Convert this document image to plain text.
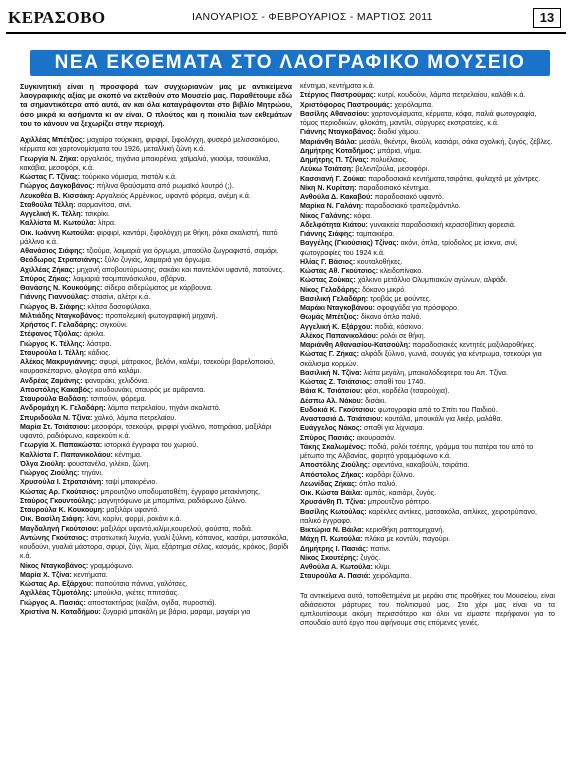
ΚΕΡΑΣΟΒΟ	ΙΑΝΟΥΑΡΙΟΣ - ΦΕΒΡΟΥΑΡΙΟΣ - ΜΑΡΤΙΟΣ 2011	13
ΝΕΑ ΕΚΘΕΜΑΤΑ ΣΤΟ ΛΑΟΓΡΑΦΙΚΟ ΜΟΥΣΕΙΟ
Συγκινητική είναι η προσφορά των συγχωριανών μας με αντικείμενα λαογραφικής αξίας με σκοπό να εκτεθούν στο Μουσείο μας. Παραθέτουμε εδώ τα σημαντικότερα από αυτά, αν και όλα καταγράφονται στο βιβλίο Μητρώου, όσο μικρά κι ασήμαντα κι αν είναι. Ο πλούτος και η ποικιλία των εκθεμάτων του το κάνουν να ξεχωρίζει στην περιοχή.

Αχιλλέας Μπέτζιος: μαχαίρα τούρκικη, φιρφιρί, ξιφολόγχη, φυσερό μελισσοκόμου, κέρματα και χαρτονομίσματα του 1926, μεταλλική ζώνη κ.ά.

Γεωργία Ν. Ζήκα: αργαλειός, τηγάνια μπακιρένια, χαϊμαλιά, γκιούμι, τσουκάλια, κακάβια, μεσοφόρι, κ.ά.

Κώστας Γ. Τζίνας: τούρκικο νόμισμα, πιστόλι κ.ά.

Γιώργος Δαγκοβάνος: πήλινα θραύσματα από ρωμαϊκό λουτρό (;).

Λευκοθέα Β. Κισσάκη: Αργαλειός Αρμένικος, υφαντό φόρεμα, ανέμη κ.ά.

Σταθούλα Τέλλη: σαρμανίτσα, σινί.

Αγγελική Κ. Τέλλη: τσικρίκι.

Καλλίστα Μ. Κωτούλα: λίτρα.

Οικ. Ιωάννη Κωτούλα: φιρφιρί, καντάρι, ξιφολόγχη με θήκη, ρόκα σκαλιστή, πατό μάλλινο κ.ά.

Αθανάσιος Σιάφης: τζιούμα, λαιμαριά για όργωμα, μπαούλο ζωγραφιστό, σαμάρι.

Θεόδωρος Στρατσιάνης: ξύλο ζυγιάς, λαιμαριά για όργωμα.

Αχιλλέας Ζήκας: μηχανή αποβουτύρωσης, σακάκι και παντελόνι υφαντό, πατούνες.

Σπύρος Ζήκας: λαιμαριά τσομπανόσκυλου, σβάρνα.

Θανάσης Ν. Κουκούμης: σίδερο σιδερώματος με κάρβουνα.

Γιάννης Γιαννούλας: στασίνι, αλέτρι κ.ά.

Γιώργος Β. Σιάφης: κλίτσα δασοφύλακα.

Μιλτιάδης Νταγκοβάνος: προπολεμική φωτογραφική μηχανή.

Χρήστος Γ. Γελαδάρης: σιγκούνι.

Στέφανος Τζιόλας: άρκλα.

Γιώργος Κ. Τέλλης: λάστρα.

Σταυρούλα Ι. Τέλλη: κάδιος.

Αλέκος Μακρυγιάννης: σφυρί, μάτρακος, βελόνι, καλέμι, τσεκούρι βαρελοποιού, κουρασκέπαρνο, φλογέρα από καλάμι.

Ανδρέας Ζαμάνης: φαναράκι, χελιδόνια.

Αποστόλης Κακαβός: κουδουνάκι, σταυρός με αμάραντα.

Σταυρούλα Βαδάση: τσιπούνι, φόρεμα.

Ανδρομάχη Κ. Γελαδάρη: λάμπα πετρελαίου, τηγάνι σκαλιστό.

Σπυριδούλα Ν. Τζίνα: χαλκό, λάμπα πετρελαίου.

Μαρία Στ. Τσιάτσιου: μεσοφόρι, τσεκούρι, φιρφιρί γυάλινο, ποτηράκια, μαξιλάρι υφαντό, ραδιόφωνο, καφεκούτι κ.ά.

Γεωργία Χ. Παπακώστα: ιστορικά έγγραφα του χωριού.

Καλλίστα Γ. Παπανικολάου: κέντημα.

Όλγα Ζιούλη: φουστανέλα, γιλέκο, ζώνη.

Γιώργος Ζιούλης: τηγάνι.

Χρυσούλα Ι. Στρατσιάνη: ταψί μπακιρένιο.

Κώστας Αρ. Γκούτσιος: μπρουτζινο υποδυματοθέτη, έγγραφο μετακίνησης.

Σταύρος Γκουντούλης: μαγνητόφωνο με μπομπίνα, ραδιόφωνο ξύλινο.

Σταυρούλα Κ. Κουκούμη: μαξιλάρι υφαντό.

Οικ. Βασίλη Σιάφη: λάνι, κορίνι, φορμί, ροκάνι κ.ά.

Μαγδαληνή Γκούτσιου: μαξιλάρι υφαντό,κιλίμι,κουρελού, φούστα, ποδιά.

Αντώνης Γκούτσιος: στρατιωτική λυχνία, γυαλί ξύλινη, κόπανος, κασάρι, ματσακόλα, κουδούνι, γυαλιά μάστορα, σφυρί, ζύγι, λίμα, εξάρτημα σέλας, κασμάς, κρόκος, βαρίδι κ.ά.

Νίκος Νταγκοβάνος: γραμμόφωνο.

Μαρία Χ. Τζίνα: κεντήματα.

Κώστας Αρ. Εξάρχου: παπούτσια πάνινα, γαλότσες.

Αχιλλέας Τζιμοτόλης: μπούκλα, γκέτες ππιτσάας.

Γιώργος Α. Πασιάς: αποστακτήρας (καζάνι, ογίδα, πυροστιά).

Χριστίνα Ν. Καταδήμου: ζυγαριά μπακάλη με βάρια, μαραμι, μαγαίρι για

κέντημα, κεντήματα κ.ά.

Στέργιος Παστρούμας: κυτρί, κουδούνι, λάμπα πετρελαίου, καλάθι κ.ά.

Χριστόφορος Παστρουμάς: χειρόλαμπα.

Βασίλης Αθανασίου: χαρτονομίσματα, κέρματα, κόφα, παλιά φωτογραφία, τόμος περιοδικών, φλοκάτη, μαντίλι, σύργυρες εκστρατείες, κ.ά.

Γιάννης Νταγκοβάνος: διαδκί γάμου.

Μαριάνθη Βάιλα: μεσάλι, θκέντρι, θκούλι, κασιάρι, σάκα σχολική, ζυγός, ζέβλες.

Δημήτρης Κοταδήμος: μπάρια, νήμα.

Δημήτρης Π. Τζίνας: πολυέλαιος.

Λεύκω Τσιάτση: βελεντζούλα, μεσοφόρι.

Κασσιανή Γ. Ζούκα: παραδοσιακά κεντήματα,τσιράτια, φυλαχτό με χάντρες.

Νίκη Ν. Κυρίτση: παραδοσιακό κέντημα.

Ανθούλα Δ. Κακαβού: παραδοσιακό υφαντό.

Μαρίκα Ν. Γαλάνη: παραδοσιακό τραπεζομάντιλο.

Νίκος Γαλάνης: κόφα.

Αδελφότητα Κιάτου: γυναικεία παραδοσιακή κερασοβίτικη φορεσιά.

Γιάννης Σιάφης: ταμπακιέρα.

Βαγγέλης (Γκιούσιας) Τζίνας: ακόνι, όπλα, τρίοδολος με ίσκνα, σινί, φωτογραφίες του 1924 κ.ά.

Ηλίας Γ. Βάσιος: κουταλοθήκες.

Κώστας Αθ. Γκούτσιος: κλειδοπίνακο.

Κώστας Ζούκας: χάλκινο μετάλλιο Ολυμπιακών αγώνων, αλφάδι.

Νίκος Γελαδάρης: δόκανο μικρό.

Βασιλική Γελαδάρη: τροβάς με φούντες.

Μαράκι Νταγκοβάνου: σφοφγάδα για πρόσφορο.

Θωμάς Μπέτζιος: δίκανο όπλο παλιό.

Αγγελική Κ. Εξάρχου: ποδιά, κόσκινο.

Αλέκος Παπανικολάου: ρολόι σε θήκη.

Μαριάνθη Αθανασίου-Κατσούλη: παραδοσιακές κεντητές μαξιλαροθήκες.

Κώστας Γ. Ζήκας: αλφάδι ξύλινο, γωνιά, σουγιάς για κέντρωμα, τσεκούρι για σκάλισμα κορμών.

Βασιλική Ν. Τζίνα: λιάτα μεγάλη, μπακαλόδεφτερα του Απ. Τζίνα.

Κώστας Ζ. Τσιάτσιος: σπαθί του 1740.

Βάια Κ. Τσιάτσιου: φέσι, κορδέλα (τσαρούχια).

Δέσπω Αλ. Νάκου: δισάκι.

Ευδοκιά Κ. Γκούτσιου: φωτογραφία από το Σπίτι του Παιδιού.

Αναστασιά Δ. Τσιάτσιου: κουτάλα, μπουκάλι για λικέρ, μαλάθα.

Ευάγγελος Νάκος: σπαθί για λίχνισμα.

Σπύρος Πασιάς: ακουρασιάν.

Τάκης Σκαλωμένος: ποδιά, ρολόι τσέπης, γράμμα του πατέρα του από το μέτωπο της Αλβανίας, φορητό γραμμόφωνο κ.ά.

Αποστόλης Ζιούλης: σφεντόνα, κακαβούλι, τσιράτια.

Απόστολος Ζήκας: καρδάρι ξύλινο.

Λεωνίδας Ζήκας: όπλο παλιό.

Οικ. Κώστα Βάιλα: αμπάς, κασιάρι, ζυγός.

Χρυσάνθη Π. Τζίνα: μπρουτζινο ρόπτρο.

Βασίλης Κωτούλας: καρέκλες αντίκες, ματσακόλα, απλίκες, χειροτρύπανο, ιταλικό έγγραφο.

Βικτώρια Ν. Βάιλα: κεριοθήκη ραπτομηχανή.

Μάχη Π. Κωτούλα: πλάκα με κοντύλι, παγούρι.

Δημήτρης Ι. Πασιάς: πατίνι.

Νίκος Σκουτέρης: ζυγός.

Ανθούλα Α. Κωτούλα: κλίμι.

Σταυρούλα Α. Πασιά: χειρόλαμπα.

Τα αντικείμενα αυτά, τοποθετημένα με μεράκι στις προθήκες του Μουσείου, είναι αδιάσειστοι μάρτυρες του πολιτισμού μας. Στο χέρι μας είναι να τα εμπλουτίσουμε ακόμη περισσότερο και όλοι να είμαστε περήφανοι για το σπουδαίο αυτό έργο που αφήνουμε στις επόμενες γενιές.
